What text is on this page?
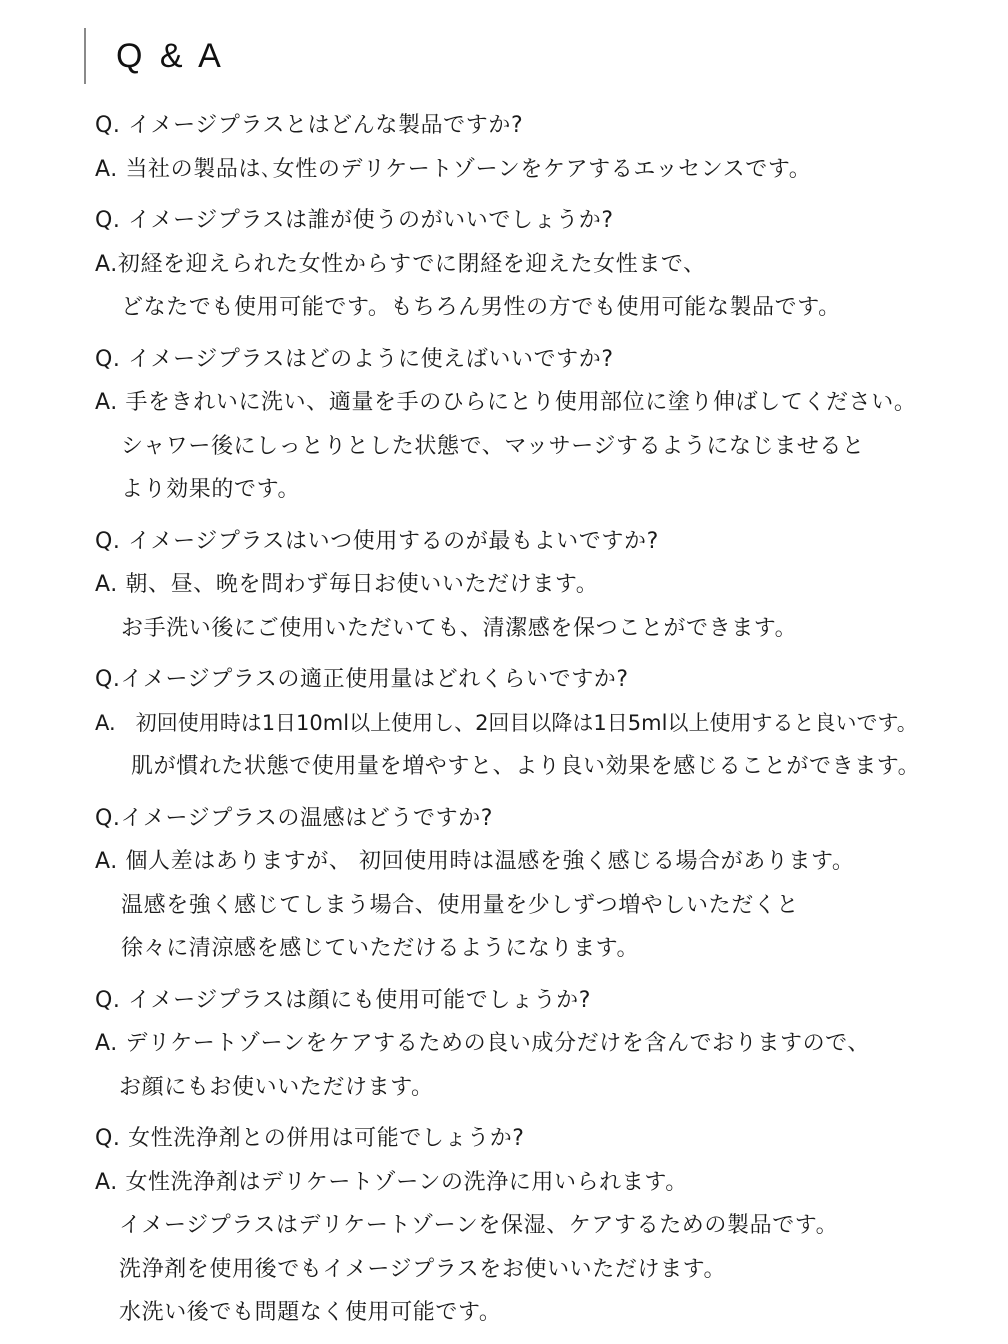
Q & A
Q. イメージプラスとはどんな製品ですか?
A. 当社の製品は､女性のデリケートゾーンをケアするエッセンスです。
Q. イメージプラスは誰が使うのがいいでしょうか?
A.初経を迎えられた女性からすでに閉経を迎えた女性まで、
どなたでも使用可能です。もちろん男性の方でも使用可能な製品です。
Q. イメージプラスはどのように使えばいいですか?
A. 手をきれいに洗い、適量を手のひらにとり使用部位に塗り伸ばしてください。
シャワー後にしっとりとした状態で、マッサージするようになじませると
より効果的です。
Q. イメージプラスはいつ使用するのが最もよいですか?
A. 朝、昼、晩を問わず毎日お使いいただけます。
お手洗い後にご使用いただいても、清潔感を保つことができます。
Q.イメージプラスの適正使用量はどれくらいですか?
A.   初回使用時は1日10ml以上使用し、2回目以降は1日5ml以上使用すると良いです。
肌が慣れた状態で使用量を増やすと、より良い効果を感じることができます。
Q.イメージプラスの温感はどうですか?
A. 個人差はありますが、 初回使用時は温感を強く感じる場合があります。
温感を強く感じてしまう場合、使用量を少しずつ増やしいただくと
徐々に清涼感を感じていただけるようになります。
Q. イメージプラスは顔にも使用可能でしょうか?
A. デリケートゾーンをケアするための良い成分だけを含んでおりますので、
お顔にもお使いいただけます。
Q. 女性洗浄剤との併用は可能でしょうか?
A. 女性洗浄剤はデリケートゾーンの洗浄に用いられます。
イメージプラスはデリケートゾーンを保湿、ケアするための製品です。
洗浄剤を使用後でもイメージプラスをお使いいただけます。
水洗い後でも問題なく使用可能です。
